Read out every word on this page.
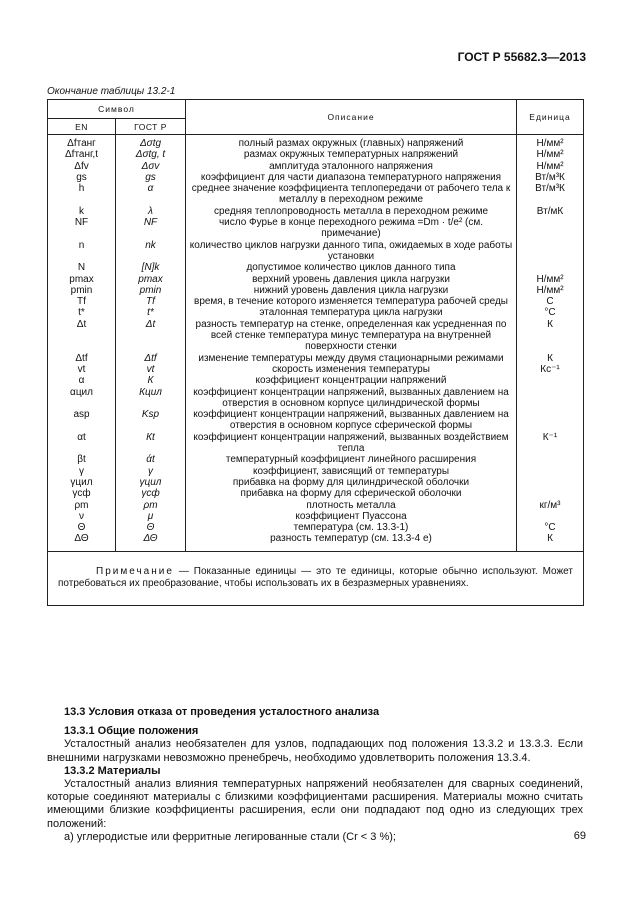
ГОСТ Р 55682.3—2013
Окончание таблицы 13.2-1
Символ		Описание	Единица
EN	ГОСТ Р		
Δfтанг	Δσtg	полный размах окружных (главных) напряжений	Н/мм²
Δfтанг,t	Δσtg, t	размах окружных температурных напряжений	Н/мм²
Δfv	Δσv	амплитуда эталонного напряжения	Н/мм²
gs	gs	коэффициент для части диапазона температурного напряжения	Вт/м³К
h	α	среднее значение коэффициента теплопередачи от рабочего тела к металлу в переходном режиме	Вт/м³К
k	λ	средняя теплопроводность металла в переходном режиме	Вт/мК
NF	NF	число Фурье в конце переходного режима =Dm · t/e² (см. примечание)	
n	nk	количество циклов нагрузки данного типа, ожидаемых в ходе работы установки	
N	[N]k	допустимое количество циклов данного типа	
pmax	pmax	верхний уровень давления цикла нагрузки	Н/мм²
pmin	pmin	нижний уровень давления цикла нагрузки	Н/мм²
Tf	Tf	время, в течение которого изменяется температура рабочей среды	С
t*	t*	эталонная температура цикла нагрузки	°С
Δt	Δt	разность температур на стенке, определенная как усредненная по всей стенке температура минус температура на внутренней поверхности стенки	К
Δtf	Δtf	изменение температуры между двумя стационарными режимами	К
vt	vt	скорость изменения температуры	Кс⁻¹
α	К	коэффициент концентрации напряжений	
αцил	Кцил	коэффициент концентрации напряжений, вызванных давлением на отверстия в основном корпусе цилиндрической формы	
asp	Ksp	коэффициент концентрации напряжений, вызванных давлением на отверстия в основном корпусе сферической формы	
αt	Кt	коэффициент концентрации напряжений, вызванных воздействием тепла	К⁻¹
βt	άt	температурный коэффициент линейного расширения	
γ	γ	коэффициент, зависящий от температуры	
γцил	γцил	прибавка на форму для цилиндрической оболочки	
γсф	γсф	прибавка на форму для сферической оболочки	
ρm	ρm	плотность металла	кг/м³
ν	μ	коэффициент Пуассона	
Θ	Θ	температура (см. 13.3-1)	°С
ΔΘ	ΔΘ	разность температур (см. 13.3-4 е)	К
Примечание — Показанные единицы — это те единицы, которые обычно используют. Может потребоваться их преобразование, чтобы использовать их в безразмерных уравнениях.			

13.3 Условия отказа от проведения усталостного анализа

13.3.1 Общие положения

Усталостный анализ необязателен для узлов, подпадающих под положения 13.3.2 и 13.3.3. Если внешними нагрузками невозможно пренебречь, необходимо удовлетворить положения 13.3.4.

13.3.2 Материалы

Усталостный анализ влияния температурных напряжений необязателен для сварных соединений, которые соединяют материалы с близкими коэффициентами расширения. Материалы можно считать имеющими близкие коэффициенты расширения, если они подпадают под одно из следующих трех положений:

а) углеродистые или ферритные легированные стали (Cr < 3 %);	69
